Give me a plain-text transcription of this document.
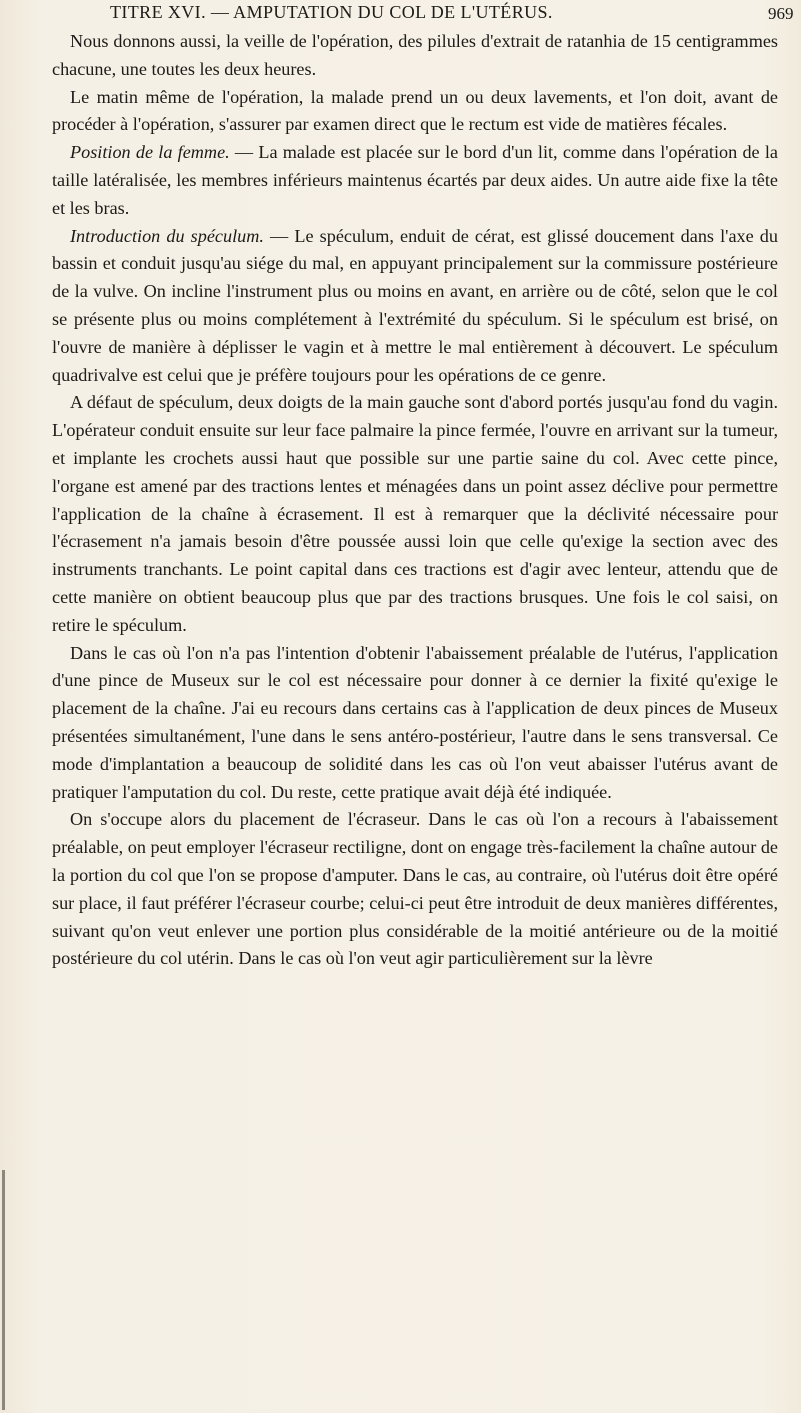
TITRE XVI. — AMPUTATION DU COL DE L'UTÉRUS.	969

Nous donnons aussi, la veille de l'opération, des pilules d'extrait de ratanhia de 15 centigrammes chacune, une toutes les deux heures.

Le matin même de l'opération, la malade prend un ou deux lavements, et l'on doit, avant de procéder à l'opération, s'assurer par examen direct que le rectum est vide de matières fécales.

Position de la femme. — La malade est placée sur le bord d'un lit, comme dans l'opération de la taille latéralisée, les membres inférieurs maintenus écartés par deux aides. Un autre aide fixe la tête et les bras.

Introduction du spéculum. — Le spéculum, enduit de cérat, est glissé doucement dans l'axe du bassin et conduit jusqu'au siége du mal, en appuyant principalement sur la commissure postérieure de la vulve. On incline l'instrument plus ou moins en avant, en arrière ou de côté, selon que le col se présente plus ou moins complétement à l'extrémité du spéculum. Si le spéculum est brisé, on l'ouvre de manière à déplisser le vagin et à mettre le mal entièrement à découvert. Le spéculum quadrivalve est celui que je préfère toujours pour les opérations de ce genre.

A défaut de spéculum, deux doigts de la main gauche sont d'abord portés jusqu'au fond du vagin. L'opérateur conduit ensuite sur leur face palmaire la pince fermée, l'ouvre en arrivant sur la tumeur, et implante les crochets aussi haut que possible sur une partie saine du col. Avec cette pince, l'organe est amené par des tractions lentes et ménagées dans un point assez déclive pour permettre l'application de la chaîne à écrasement. Il est à remarquer que la déclivité nécessaire pour l'écrasement n'a jamais besoin d'être poussée aussi loin que celle qu'exige la section avec des instruments tranchants. Le point capital dans ces tractions est d'agir avec lenteur, attendu que de cette manière on obtient beaucoup plus que par des tractions brusques. Une fois le col saisi, on retire le spéculum.

Dans le cas où l'on n'a pas l'intention d'obtenir l'abaissement préalable de l'utérus, l'application d'une pince de Museux sur le col est nécessaire pour donner à ce dernier la fixité qu'exige le placement de la chaîne. J'ai eu recours dans certains cas à l'application de deux pinces de Museux présentées simultanément, l'une dans le sens antéro-postérieur, l'autre dans le sens transversal. Ce mode d'implantation a beaucoup de solidité dans les cas où l'on veut abaisser l'utérus avant de pratiquer l'amputation du col. Du reste, cette pratique avait déjà été indiquée.

On s'occupe alors du placement de l'écraseur. Dans le cas où l'on a recours à l'abaissement préalable, on peut employer l'écraseur rectiligne, dont on engage très-facilement la chaîne autour de la portion du col que l'on se propose d'amputer. Dans le cas, au contraire, où l'utérus doit être opéré sur place, il faut préférer l'écraseur courbe; celui-ci peut être introduit de deux manières différentes, suivant qu'on veut enlever une portion plus considérable de la moitié antérieure ou de la moitié postérieure du col utérin. Dans le cas où l'on veut agir particulièrement sur la lèvre
